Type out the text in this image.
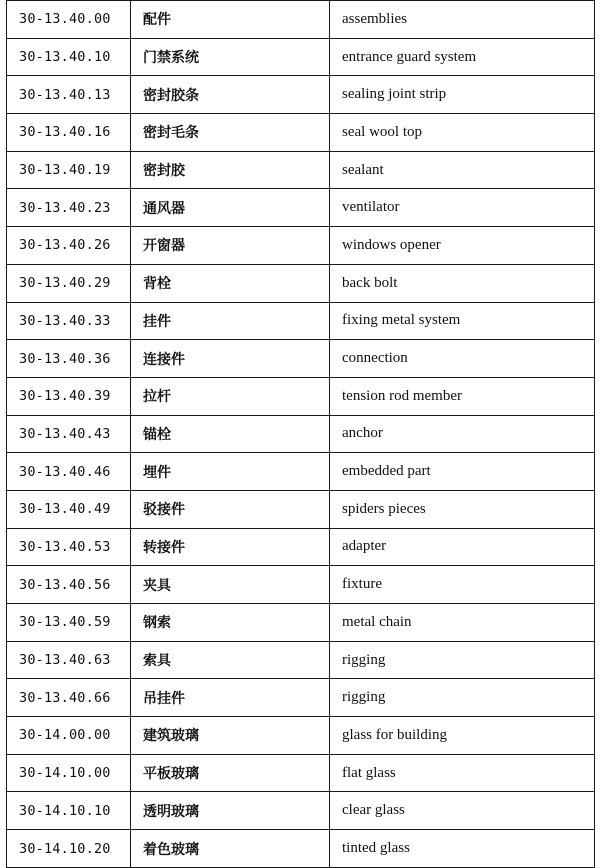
30-13.40.00	配件	assemblies
30-13.40.10	门禁系统	entrance guard system
30-13.40.13	密封胶条	sealing joint strip
30-13.40.16	密封毛条	seal wool top
30-13.40.19	密封胶	sealant
30-13.40.23	通风器	ventilator
30-13.40.26	开窗器	windows opener
30-13.40.29	背栓	back bolt
30-13.40.33	挂件	fixing metal system
30-13.40.36	连接件	connection
30-13.40.39	拉杆	tension rod member
30-13.40.43	锚栓	anchor
30-13.40.46	埋件	embedded part
30-13.40.49	驳接件	spiders pieces
30-13.40.53	转接件	adapter
30-13.40.56	夹具	fixture
30-13.40.59	钢索	metal chain
30-13.40.63	索具	rigging
30-13.40.66	吊挂件	rigging
30-14.00.00	建筑玻璃	glass for building
30-14.10.00	平板玻璃	flat glass
30-14.10.10	透明玻璃	clear glass
30-14.10.20	着色玻璃	tinted glass
